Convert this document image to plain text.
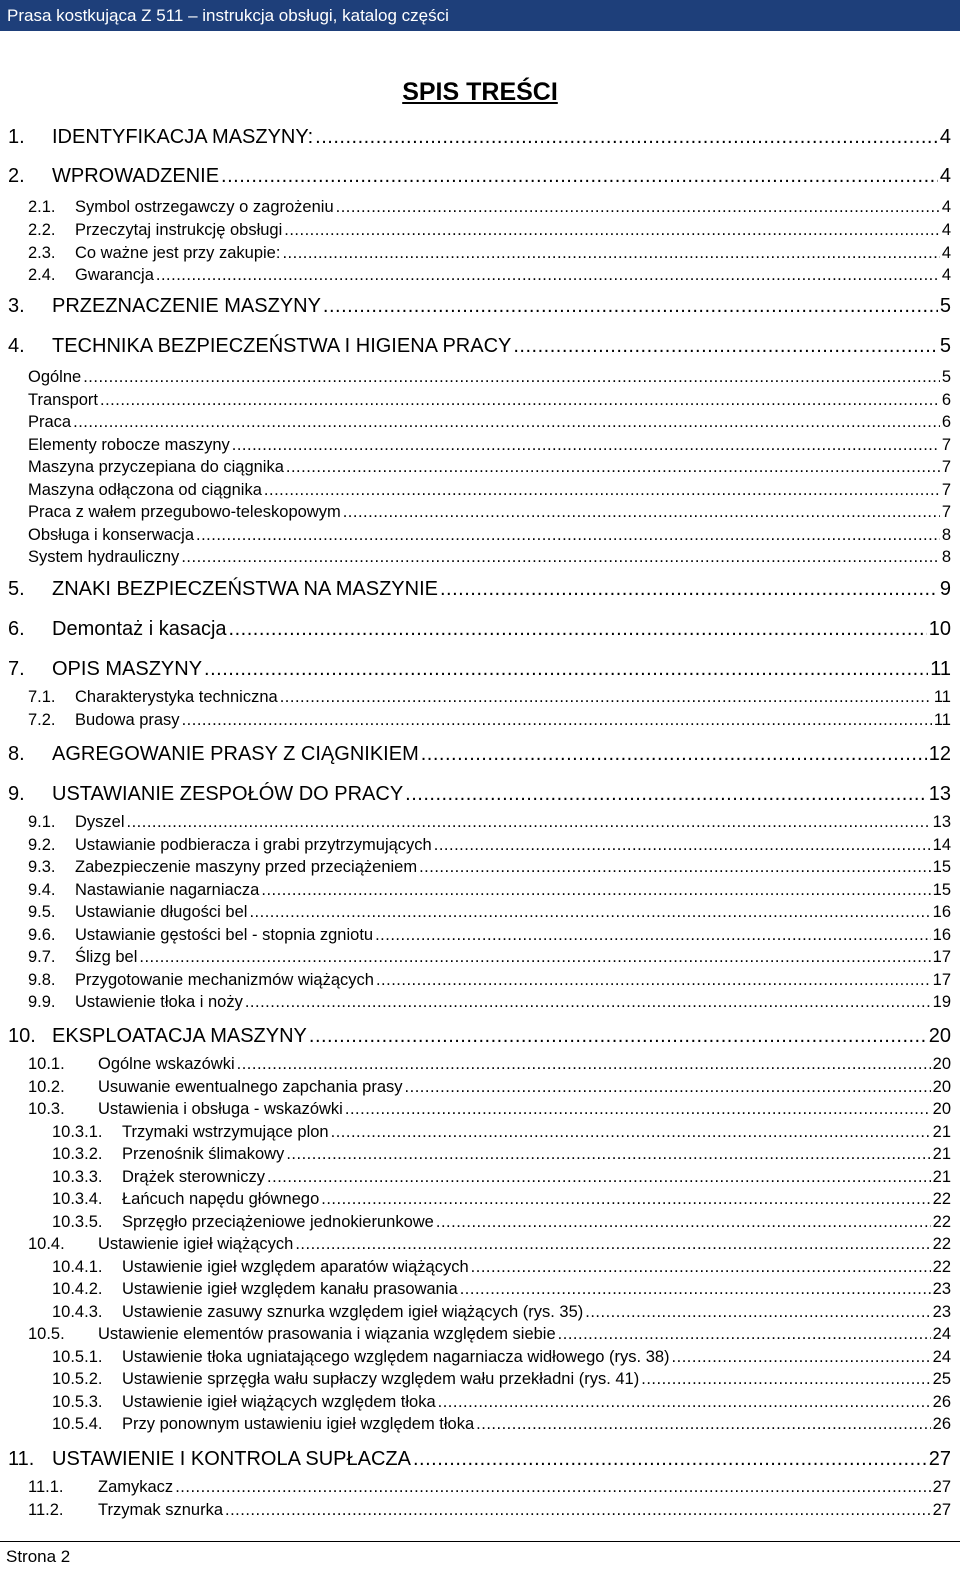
Prasa kostkująca Z 511 – instrukcja obsługi, katalog części
SPIS TREŚCI
1.	IDENTYFIKACJA MASZYNY: .....	4
2.	WPROWADZENIE .....	4
2.1.	Symbol ostrzegawczy o zagrożeniu .....	4
2.2.	Przeczytaj instrukcję obsługi .....	4
2.3.	Co ważne jest przy zakupie: .....	4
2.4.	Gwarancja .....	4
3.	PRZEZNACZENIE MASZYNY .....	5
4.	TECHNIKA BEZPIECZEŃSTWA I HIGIENA PRACY .....	5
Ogólne .....	5
Transport .....	6
Praca .....	6
Elementy robocze maszyny .....	7
Maszyna przyczepiana do ciągnika .....	7
Maszyna odłączona od ciągnika .....	7
Praca z wałem przegubowo-teleskopowym .....	7
Obsługa i konserwacja .....	8
System hydrauliczny .....	8
5.	ZNAKI BEZPIECZEŃSTWA NA MASZYNIE .....	9
6.	Demontaż i kasacja .....	10
7.	OPIS MASZYNY .....	11
7.1.	Charakterystyka techniczna .....	11
7.2.	Budowa prasy .....	11
8.	AGREGOWANIE PRASY Z CIĄGNIKIEM .....	12
9.	USTAWIANIE ZESPOŁÓW DO PRACY .....	13
9.1.	Dyszel .....	13
9.2.	Ustawianie podbieracza i grabi przytrzymujących .....	14
9.3.	Zabezpieczenie maszyny przed przeciążeniem .....	15
9.4.	Nastawianie nagarniacza .....	15
9.5.	Ustawianie długości bel .....	16
9.6.	Ustawianie gęstości bel - stopnia zgniotu .....	16
9.7.	Ślizg bel .....	17
9.8.	Przygotowanie mechanizmów wiążących .....	17
9.9.	Ustawienie tłoka i noży .....	19
10. EKSPLOATACJA MASZYNY .....	20
10.1.	Ogólne wskazówki .....	20
10.2.	Usuwanie ewentualnego zapchania prasy .....	20
10.3.	Ustawienia i obsługa - wskazówki .....	20
10.3.1.	Trzymaki wstrzymujące plon .....	21
10.3.2.	Przenośnik ślimakowy .....	21
10.3.3.	Drążek sterowniczy .....	21
10.3.4.	Łańcuch napędu głównego .....	22
10.3.5.	Sprzęgło przeciążeniowe jednokierunkowe .....	22
10.4.	Ustawienie igieł wiążących .....	22
10.4.1.	Ustawienie igieł względem aparatów wiążących .....	22
10.4.2.	Ustawienie igieł względem kanału prasowania .....	23
10.4.3.	Ustawienie zasuwy sznurka względem igieł wiążących (rys. 35) .....	23
10.5.	Ustawienie elementów prasowania i wiązania względem siebie .....	24
10.5.1.	Ustawienie tłoka ugniatającego względem nagarniacza widłowego (rys. 38) .....	24
10.5.2.	Ustawienie sprzęgła wału supłaczy względem wału przekładni (rys. 41) .....	25
10.5.3.	Ustawienie igieł wiążących względem tłoka .....	26
10.5.4.	Przy ponownym ustawieniu igieł względem tłoka .....	26
11. USTAWIENIE I KONTROLA SUPŁACZA .....	27
11.1.	Zamykacz .....	27
11.2.	Trzymak sznurka .....	27
Strona 2
